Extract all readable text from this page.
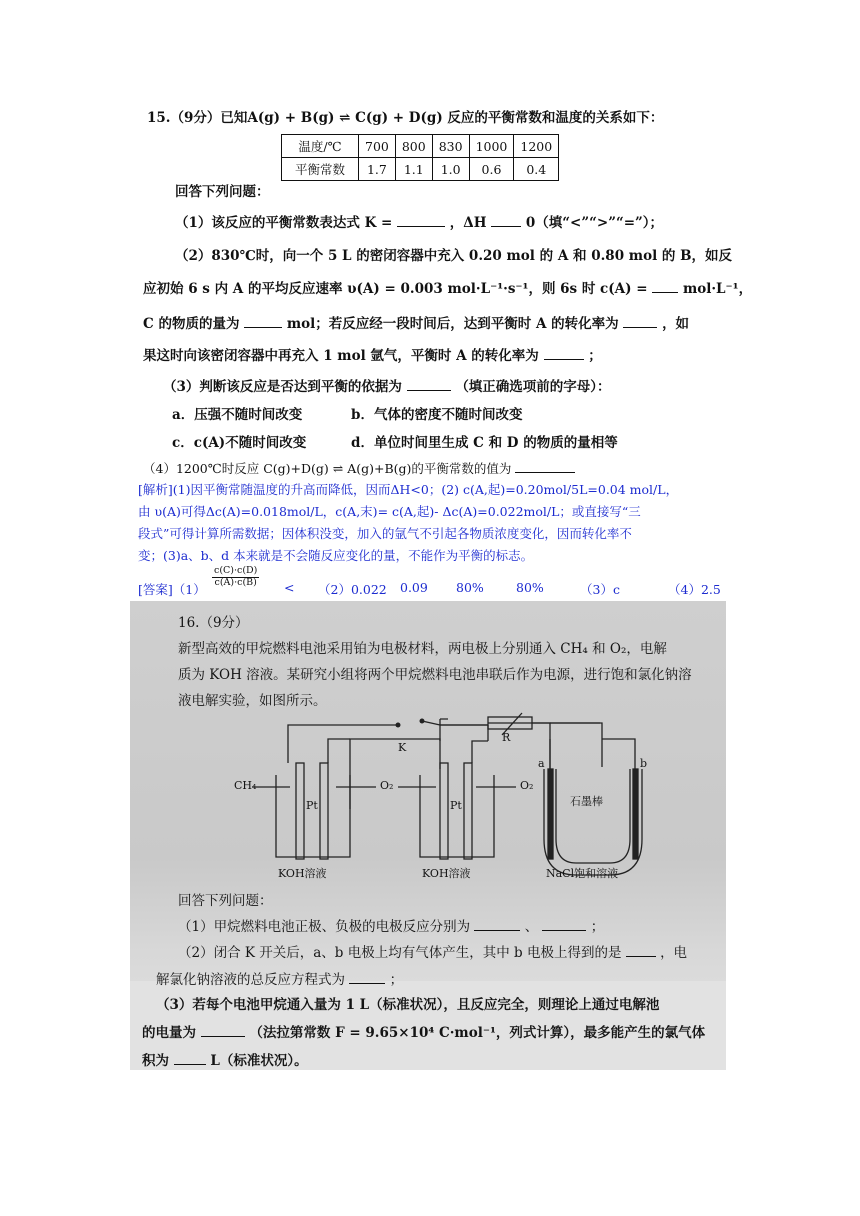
15.（9分）已知A(g) + B(g) ⇌ C(g) + D(g) 反应的平衡常数和温度的关系如下：
温度/℃	700	800	830	1000	1200
平衡常数	1.7	1.1	1.0	0.6	0.4
回答下列问题：
（1）该反应的平衡常数表达式 K =	，ΔH	0（填“<”“>”“=”）；
（2）830℃时，向一个 5 L 的密闭容器中充入 0.20 mol 的 A 和 0.80 mol 的 B，如反
应初始 6 s 内 A 的平均反应速率 υ(A) = 0.003 mol·L⁻¹·s⁻¹，则 6s 时 c(A) =	mol·L⁻¹，
C 的物质的量为	mol；若反应经一段时间后，达到平衡时 A 的转化率为	，如
果这时向该密闭容器中再充入 1 mol 氩气，平衡时 A 的转化率为	；
（3）判断该反应是否达到平衡的依据为	（填正确选项前的字母）：
a．压强不随时间改变	b．气体的密度不随时间改变
c．c(A)不随时间改变	d．单位时间里生成 C 和 D 的物质的量相等
（4）1200℃时反应 C(g)+D(g) ⇌ A(g)+B(g)的平衡常数的值为
[解析](1)因平衡常随温度的升高而降低，因而ΔH<0；(2) c(A,起)=0.20mol/5L=0.04 mol/L，
由 υ(A)可得Δc(A)=0.018mol/L，c(A,末)= c(A,起)- Δc(A)=0.022mol/L；或直接写“三
段式”可得计算所需数据；因体积没变，加入的氩气不引起各物质浓度变化，因而转化率不
变；(3)a、b、d 本来就是不会随反应变化的量，不能作为平衡的标志。
[答案]（1）
$\frac{c(C)\cdot c(D)}{c(A)\cdot c(B)} < (2)0.022$ 0.09 80%	80%	（3）c	（4）2.5
16.（9分）
新型高效的甲烷燃料电池采用铂为电极材料，两电极上分别通入 CH₄ 和 O₂，电解
质为 KOH 溶液。某研究小组将两个甲烷燃料电池串联后作为电源，进行饱和氯化钠溶
液电解实验，如图所示。
K
R
CH₄	O₂	O₂
Pt	Pt
a	b
石墨棒
KOH溶液	KOH溶液	NaCl饱和溶液
回答下列问题：
（1）甲烷燃料电池正极、负极的电极反应分别为	、	；
（2）闭合 K 开关后，a、b 电极上均有气体产生，其中 b 电极上得到的是	，电
解氯化钠溶液的总反应方程式为	；
（3）若每个电池甲烷通入量为 1 L（标准状况），且反应完全，则理论上通过电解池
的电量为	（法拉第常数 F = 9.65×10⁴ C·mol⁻¹，列式计算），最多能产生的氯气体
积为	L（标准状况）。
